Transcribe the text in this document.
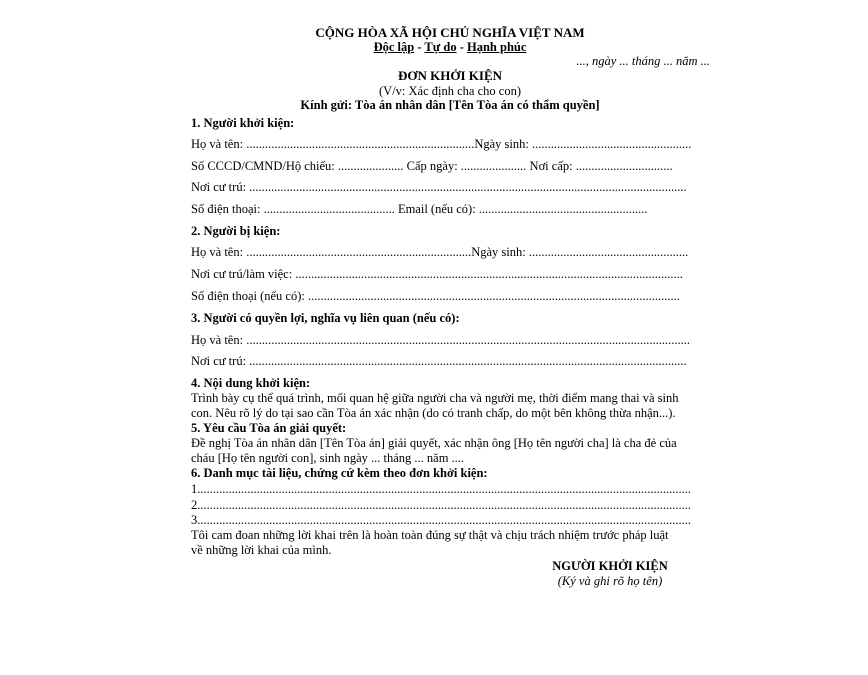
CỘNG HÒA XÃ HỘI CHỦ NGHĨA VIỆT NAM
Độc lập - Tự do - Hạnh phúc
..., ngày ... tháng ... năm ...
ĐƠN KHỞI KIỆN
(V/v: Xác định cha cho con)
Kính gửi: Tòa án nhân dân [Tên Tòa án có thẩm quyền]
1. Người khởi kiện:
Họ và tên: .........................................................................Ngày sinh: ...................................................
Số CCCD/CMND/Hộ chiếu: ..................... Cấp ngày: ..................... Nơi cấp: ...............................
Nơi cư trú: ............................................................................................................................................
Số điện thoại: .......................................... Email (nếu có): ......................................................
2. Người bị kiện:
Họ và tên: ........................................................................Ngày sinh: ...................................................
Nơi cư trú/làm việc: ............................................................................................................................
Số điện thoại (nếu có): .......................................................................................................................
3. Người có quyền lợi, nghĩa vụ liên quan (nếu có):
Họ và tên: ..............................................................................................................................................
Nơi cư trú: ............................................................................................................................................
4. Nội dung khởi kiện:
Trình bày cụ thể quá trình, mối quan hệ giữa người cha và người mẹ, thời điểm mang thai và sinh
con. Nêu rõ lý do tại sao cần Tòa án xác nhận (do có tranh chấp, do một bên không thừa nhận...).
5. Yêu cầu Tòa án giải quyết:
Đề nghị Tòa án nhân dân [Tên Tòa án] giải quyết, xác nhận ông [Họ tên người cha] là cha đẻ của
cháu [Họ tên người con], sinh ngày ... tháng ... năm ....
6. Danh mục tài liệu, chứng cứ kèm theo đơn khởi kiện:
1..............................................................................................................................................................
2..............................................................................................................................................................
3..............................................................................................................................................................
Tôi cam đoan những lời khai trên là hoàn toàn đúng sự thật và chịu trách nhiệm trước pháp luật
về những lời khai của mình.
NGƯỜI KHỞI KIỆN
(Ký và ghi rõ họ tên)
